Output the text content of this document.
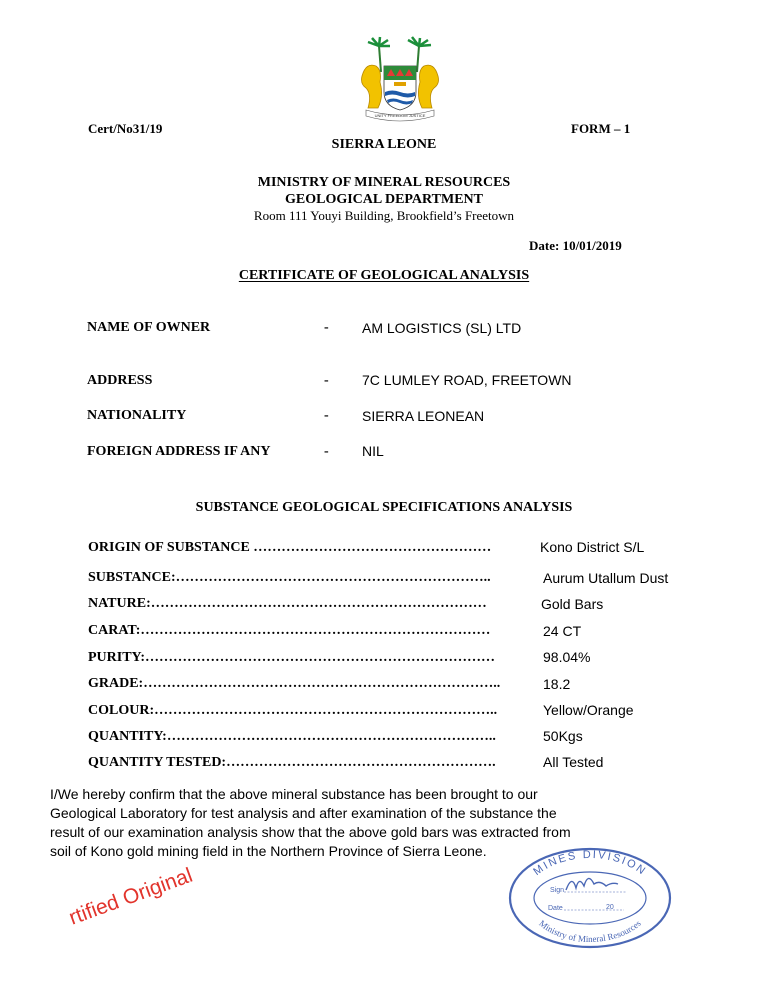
UNITY FREEDOM JUSTICE
Cert/No31/19	FORM – 1
SIERRA LEONE
MINISTRY OF MINERAL RESOURCES
GEOLOGICAL DEPARTMENT
Room 111 Youyi Building, Brookfield’s Freetown
Date: 10/01/2019
CERTIFICATE OF GEOLOGICAL ANALYSIS
NAME OF OWNER	- AM LOGISTICS (SL) LTD
ADDRESS	- 7C LUMLEY ROAD, FREETOWN
NATIONALITY	- SIERRA LEONEAN
FOREIGN ADDRESS IF ANY	- NIL
SUBSTANCE GEOLOGICAL SPECIFICATIONS ANALYSIS
ORIGIN OF SUBSTANCE ……………………………………………	Kono District S/L
SUBSTANCE:…………………………………………………………..	Aurum Utallum Dust
NATURE:………………………………………………………………	Gold Bars
CARAT:…………………………………………………………………	24 CT
PURITY:…………………………………………………………………	98.04%
GRADE:…………………………………………………………………..	18.2
COLOUR:………………………………………………………………..	Yellow/Orange
QUANTITY:……………………………………………………………..	50Kgs
QUANTITY TESTED:………………………………………………….	All Tested
I/We hereby confirm that the above mineral substance has been brought to our
Geological Laboratory for test analysis and after examination of the substance the
result of our examination analysis show that the above gold bars was extracted from
soil of Kono gold mining field in the Northern Province of Sierra Leone.
rtified Original	MINES DIVISION
Ministry of Mineral Resources
Sign
Date	20
